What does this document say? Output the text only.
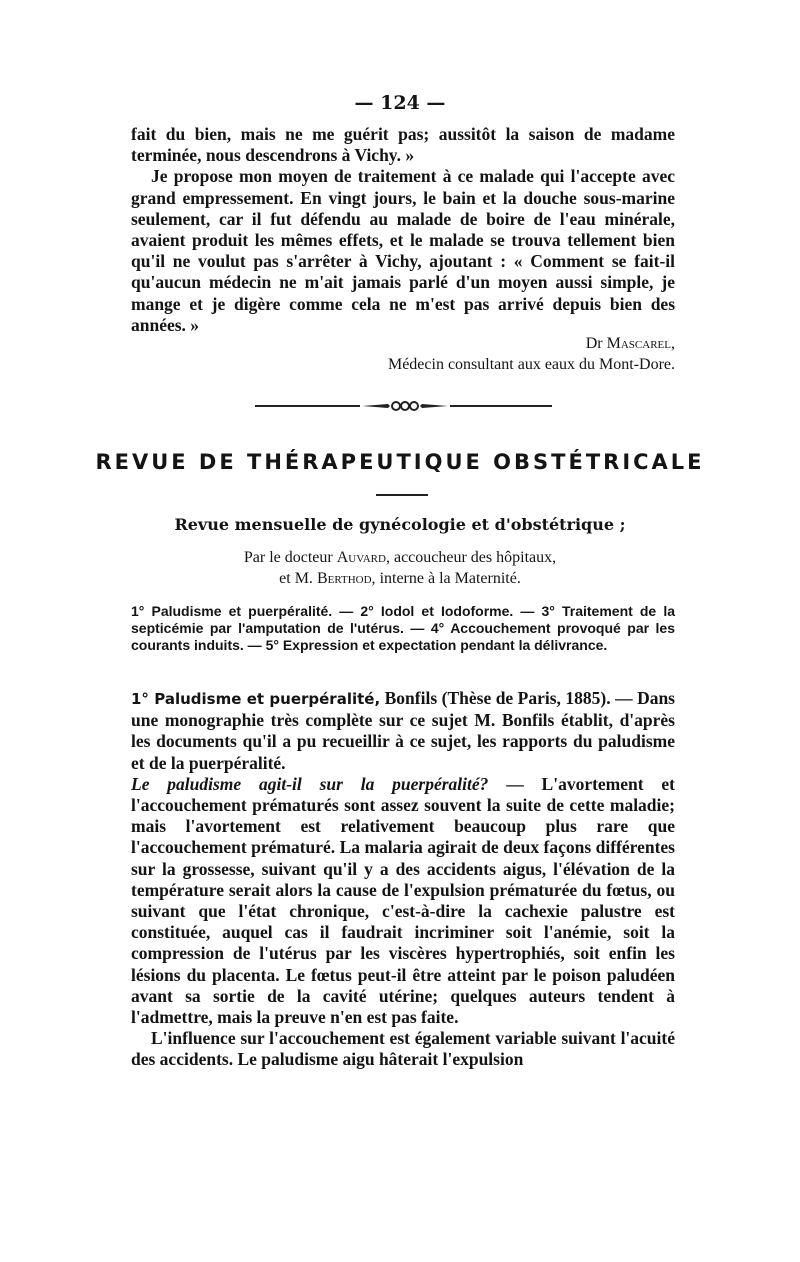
— 124 —

fait du bien, mais ne me guérit pas; aussitôt la saison de madame terminée, nous descendrons à Vichy. »

Je propose mon moyen de traitement à ce malade qui l'accepte avec grand empressement. En vingt jours, le bain et la douche sous-marine seulement, car il fut défendu au malade de boire de l'eau minérale, avaient produit les mêmes effets, et le malade se trouva tellement bien qu'il ne voulut pas s'arrêter à Vichy, ajoutant : « Comment se fait-il qu'aucun médecin ne m'ait jamais parlé d'un moyen aussi simple, je mange et je digère comme cela ne m'est pas arrivé depuis bien des années. »

Dr Mascarel,
Médecin consultant aux eaux du Mont-Dore.
REVUE DE THÉRAPEUTIQUE OBSTÉTRICALE
Revue mensuelle de gynécologie et d'obstétrique ;
Par le docteur Auvard, accoucheur des hôpitaux,
et M. Berthod, interne à la Maternité.
1° Paludisme et puerpéralité. — 2° Iodol et Iodoforme. — 3° Traitement de la septicémie par l'amputation de l'utérus. — 4° Accouchement provoqué par les courants induits. — 5° Expression et expectation pendant la délivrance.

1° Paludisme et puerpéralité, Bonfils (Thèse de Paris, 1885). — Dans une monographie très complète sur ce sujet M. Bonfils établit, d'après les documents qu'il a pu recueillir à ce sujet, les rapports du paludisme et de la puerpéralité.

Le paludisme agit-il sur la puerpéralité? — L'avortement et l'accouchement prématurés sont assez souvent la suite de cette maladie; mais l'avortement est relativement beaucoup plus rare que l'accouchement prématuré. La malaria agirait de deux façons différentes sur la grossesse, suivant qu'il y a des accidents aigus, l'élévation de la température serait alors la cause de l'expulsion prématurée du fœtus, ou suivant que l'état chronique, c'est-à-dire la cachexie palustre est constituée, auquel cas il faudrait incriminer soit l'anémie, soit la compression de l'utérus par les viscères hypertrophiés, soit enfin les lésions du placenta. Le fœtus peut-il être atteint par le poison paludéen avant sa sortie de la cavité utérine; quelques auteurs tendent à l'admettre, mais la preuve n'en est pas faite.

L'influence sur l'accouchement est également variable suivant l'acuité des accidents. Le paludisme aigu hâterait l'expulsion
